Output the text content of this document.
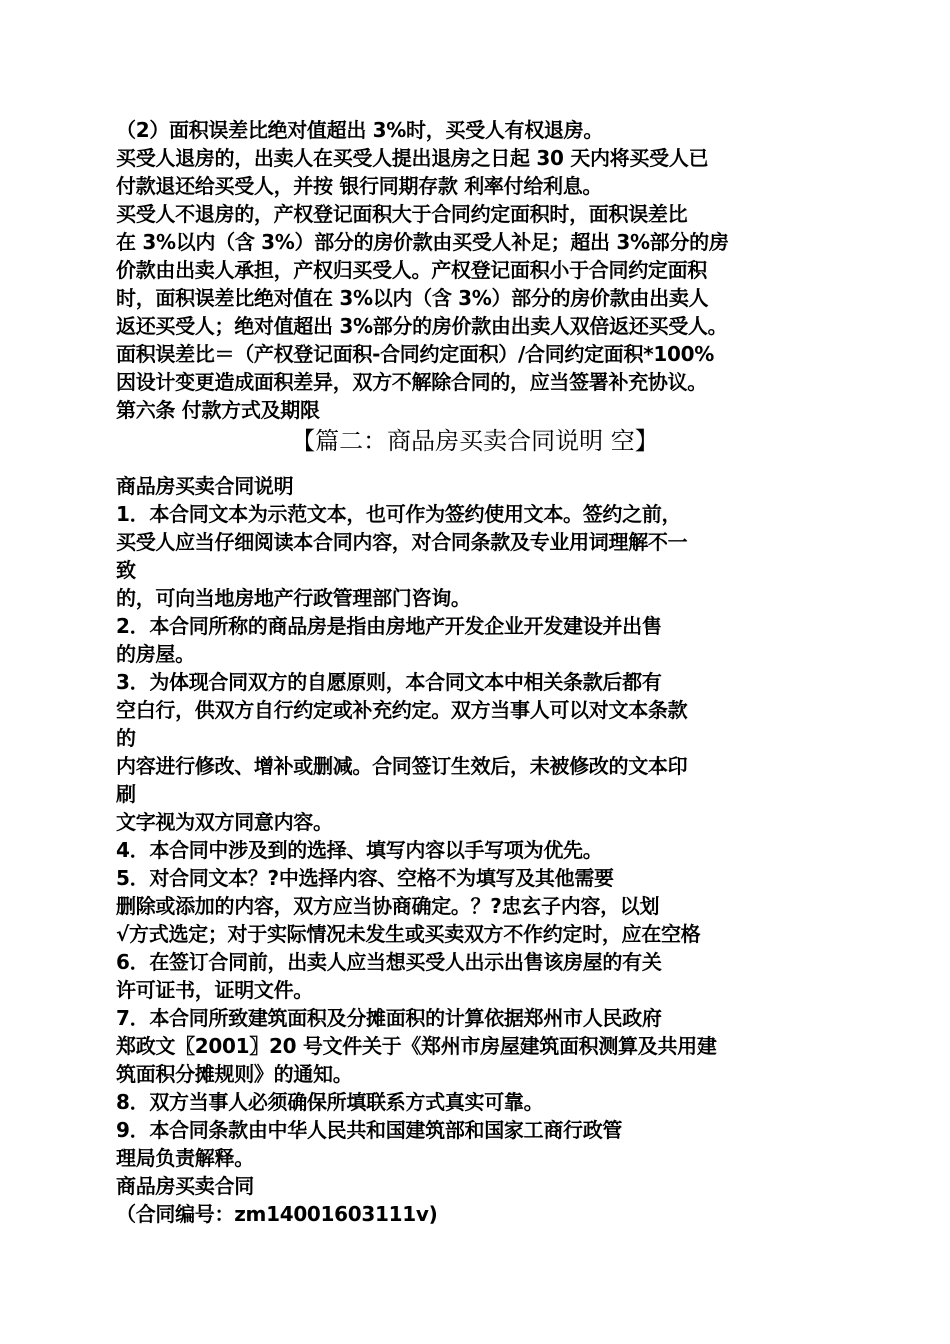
（2）面积误差比绝对值超出 3%时，买受人有权退房。
买受人退房的，出卖人在买受人提出退房之日起 30 天内将买受人已
付款退还给买受人，并按 银行同期存款 利率付给利息。
买受人不退房的，产权登记面积大于合同约定面积时，面积误差比
在 3%以内（含 3%）部分的房价款由买受人补足；超出 3%部分的房
价款由出卖人承担，产权归买受人。产权登记面积小于合同约定面积
时，面积误差比绝对值在 3%以内（含 3%）部分的房价款由出卖人
返还买受人；绝对值超出 3%部分的房价款由出卖人双倍返还买受人。
面积误差比＝（产权登记面积-合同约定面积）/合同约定面积*100%
因设计变更造成面积差异，双方不解除合同的，应当签署补充协议。
第六条 付款方式及期限
【篇二：商品房买卖合同说明 空】
商品房买卖合同说明
1．本合同文本为示范文本，也可作为签约使用文本。签约之前，
买受人应当仔细阅读本合同内容，对合同条款及专业用词理解不一
致
的，可向当地房地产行政管理部门咨询。
2．本合同所称的商品房是指由房地产开发企业开发建设并出售
的房屋。
3．为体现合同双方的自愿原则，本合同文本中相关条款后都有
空白行，供双方自行约定或补充约定。双方当事人可以对文本条款
的
内容进行修改、增补或删减。合同签订生效后，未被修改的文本印
刷
文字视为双方同意内容。
4．本合同中涉及到的选择、填写内容以手写项为优先。
5．对合同文本？?中选择内容、空格不为填写及其他需要
删除或添加的内容，双方应当协商确定。？?忠玄子内容，以划
√方式选定；对于实际情况未发生或买卖双方不作约定时，应在空格
6．在签订合同前，出卖人应当想买受人出示出售该房屋的有关
许可证书，证明文件。
7．本合同所致建筑面积及分摊面积的计算依据郑州市人民政府
郑政文〖2001〗20 号文件关于《郑州市房屋建筑面积测算及共用建
筑面积分摊规则》的通知。
8．双方当事人必须确保所填联系方式真实可靠。
9．本合同条款由中华人民共和国建筑部和国家工商行政管
理局负责解释。
商品房买卖合同
（合同编号：zm14001603111v)
